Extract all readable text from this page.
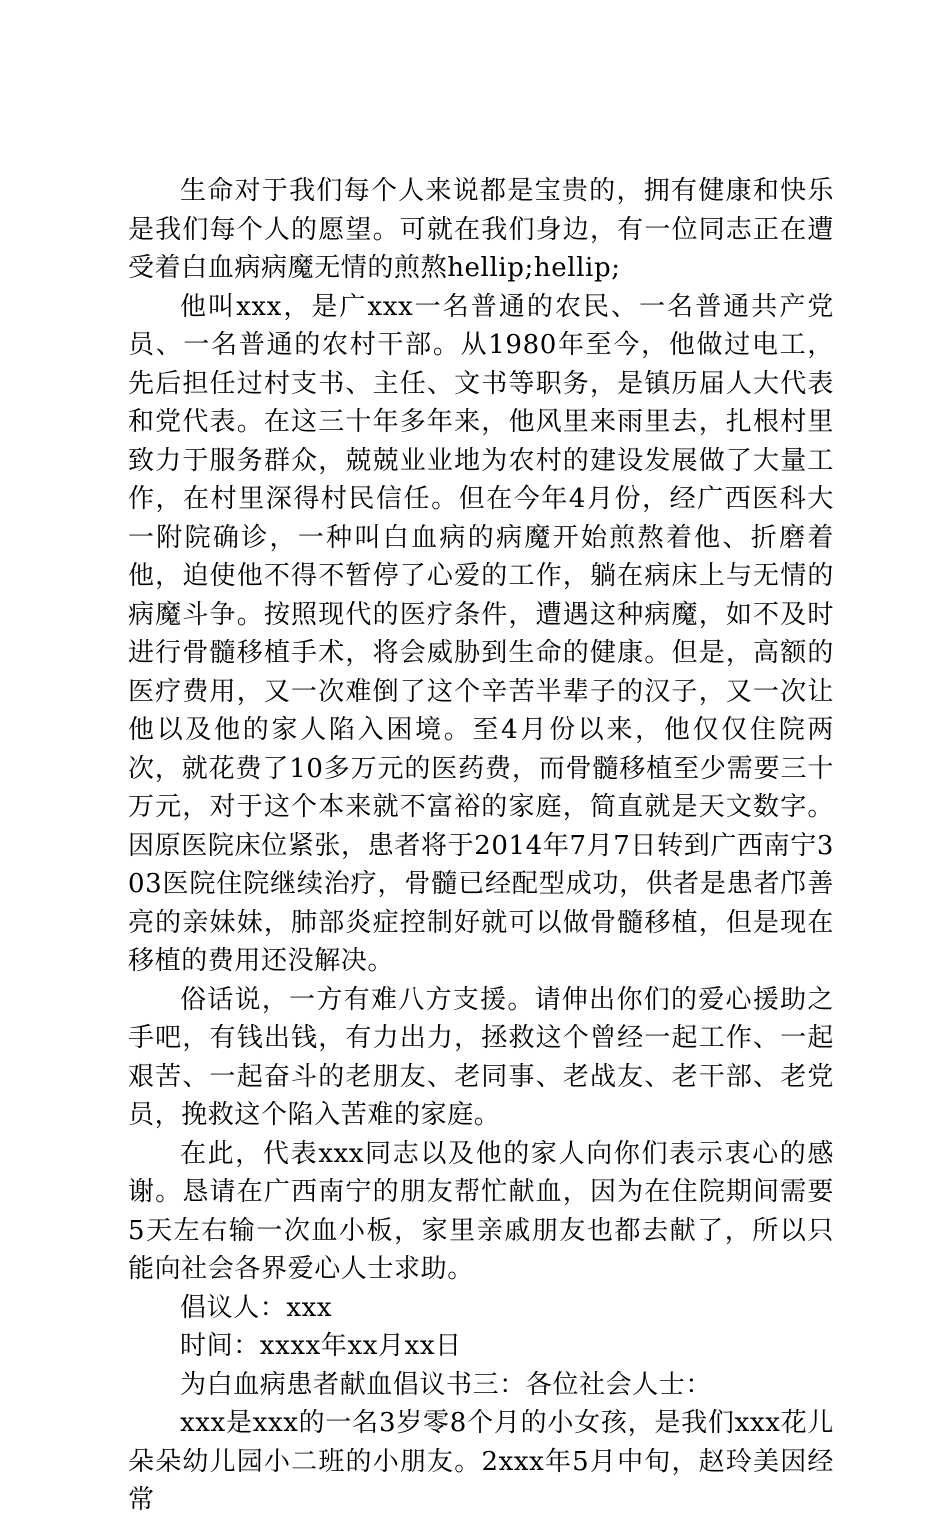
生命对于我们每个人来说都是宝贵的，拥有健康和快乐是我们每个人的愿望。可就在我们身边，有一位同志正在遭受着白血病病魔无情的煎熬hellip;hellip;

他叫xxx，是广xxx一名普通的农民、一名普通共产党员、一名普通的农村干部。从1980年至今，他做过电工，先后担任过村支书、主任、文书等职务，是镇历届人大代表和党代表。在这三十年多年来，他风里来雨里去，扎根村里致力于服务群众，兢兢业业地为农村的建设发展做了大量工作，在村里深得村民信任。但在今年4月份，经广西医科大一附院确诊，一种叫白血病的病魔开始煎熬着他、折磨着他，迫使他不得不暂停了心爱的工作，躺在病床上与无情的病魔斗争。按照现代的医疗条件，遭遇这种病魔，如不及时进行骨髓移植手术，将会威胁到生命的健康。但是，高额的医疗费用，又一次难倒了这个辛苦半辈子的汉子，又一次让他以及他的家人陷入困境。至4月份以来，他仅仅住院两次，就花费了10多万元的医药费，而骨髓移植至少需要三十万元，对于这个本来就不富裕的家庭，简直就是天文数字。因原医院床位紧张，患者将于2014年7月7日转到广西南宁303医院住院继续治疗，骨髓已经配型成功，供者是患者邝善亮的亲妹妹，肺部炎症控制好就可以做骨髓移植，但是现在移植的费用还没解决。

俗话说，一方有难八方支援。请伸出你们的爱心援助之手吧，有钱出钱，有力出力，拯救这个曾经一起工作、一起艰苦、一起奋斗的老朋友、老同事、老战友、老干部、老党员，挽救这个陷入苦难的家庭。

在此，代表xxx同志以及他的家人向你们表示衷心的感谢。恳请在广西南宁的朋友帮忙献血，因为在住院期间需要5天左右输一次血小板，家里亲戚朋友也都去献了，所以只能向社会各界爱心人士求助。

倡议人：xxx

时间：xxxx年xx月xx日

为白血病患者献血倡议书三：各位社会人士：

xxx是xxx的一名3岁零8个月的小女孩，是我们xxx花儿朵朵幼儿园小二班的小朋友。2xxx年5月中旬，赵玲美因经常
